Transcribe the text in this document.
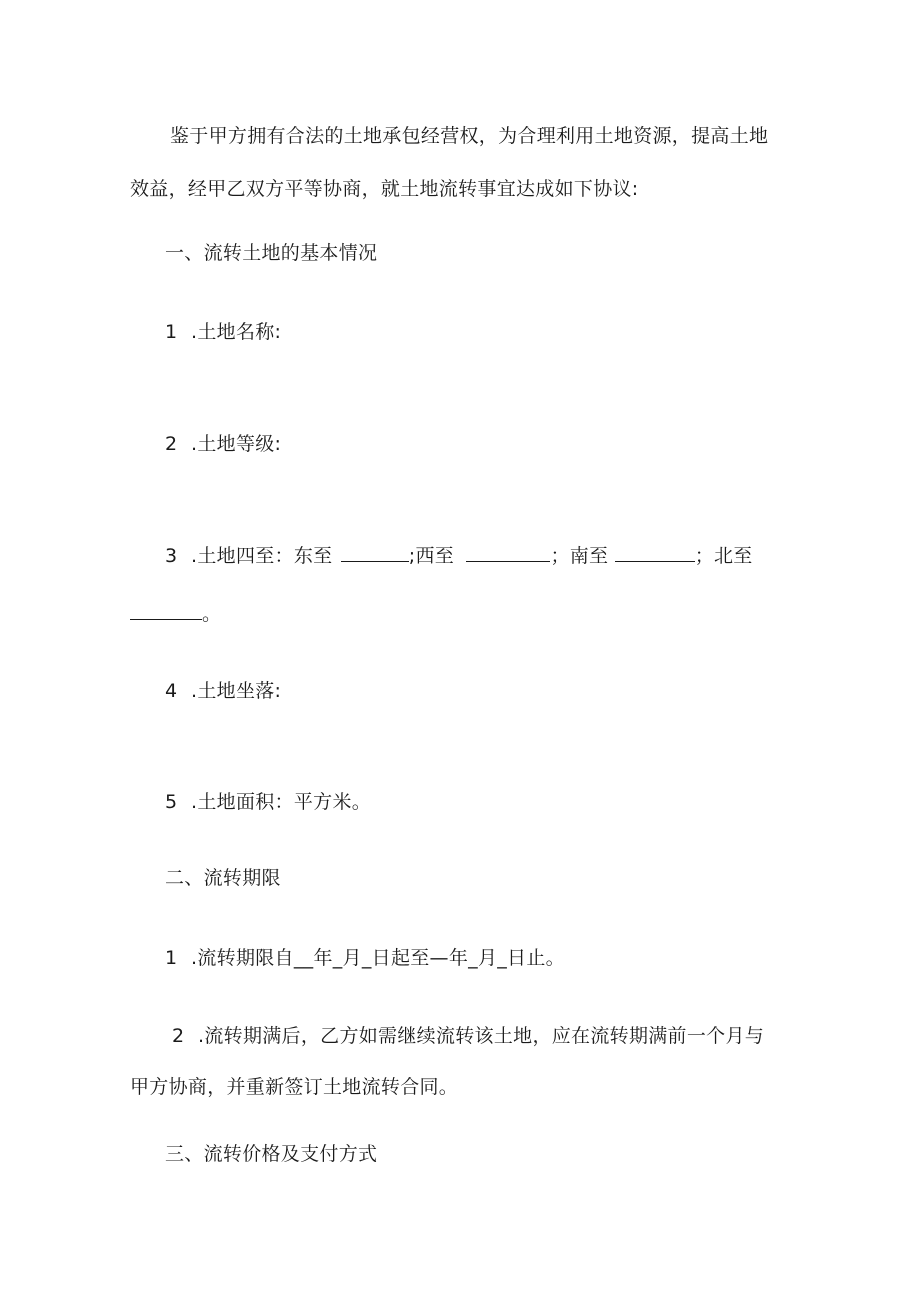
鉴于甲方拥有合法的土地承包经营权，为合理利用土地资源，提高土地
效益，经甲乙双方平等协商，就土地流转事宜达成如下协议:
一、流转土地的基本情况
1 .土地名称:
2 .土地等级:
3 .土地四至：东至	;西至	；南至	；北至
。
4 .土地坐落:
5 .土地面积：平方米。
二、流转期限
1 .流转期限自__年_月_日起至—年_月_日止。
2 .流转期满后，乙方如需继续流转该土地，应在流转期满前一个月与
甲方协商，并重新签订土地流转合同。
三、流转价格及支付方式
